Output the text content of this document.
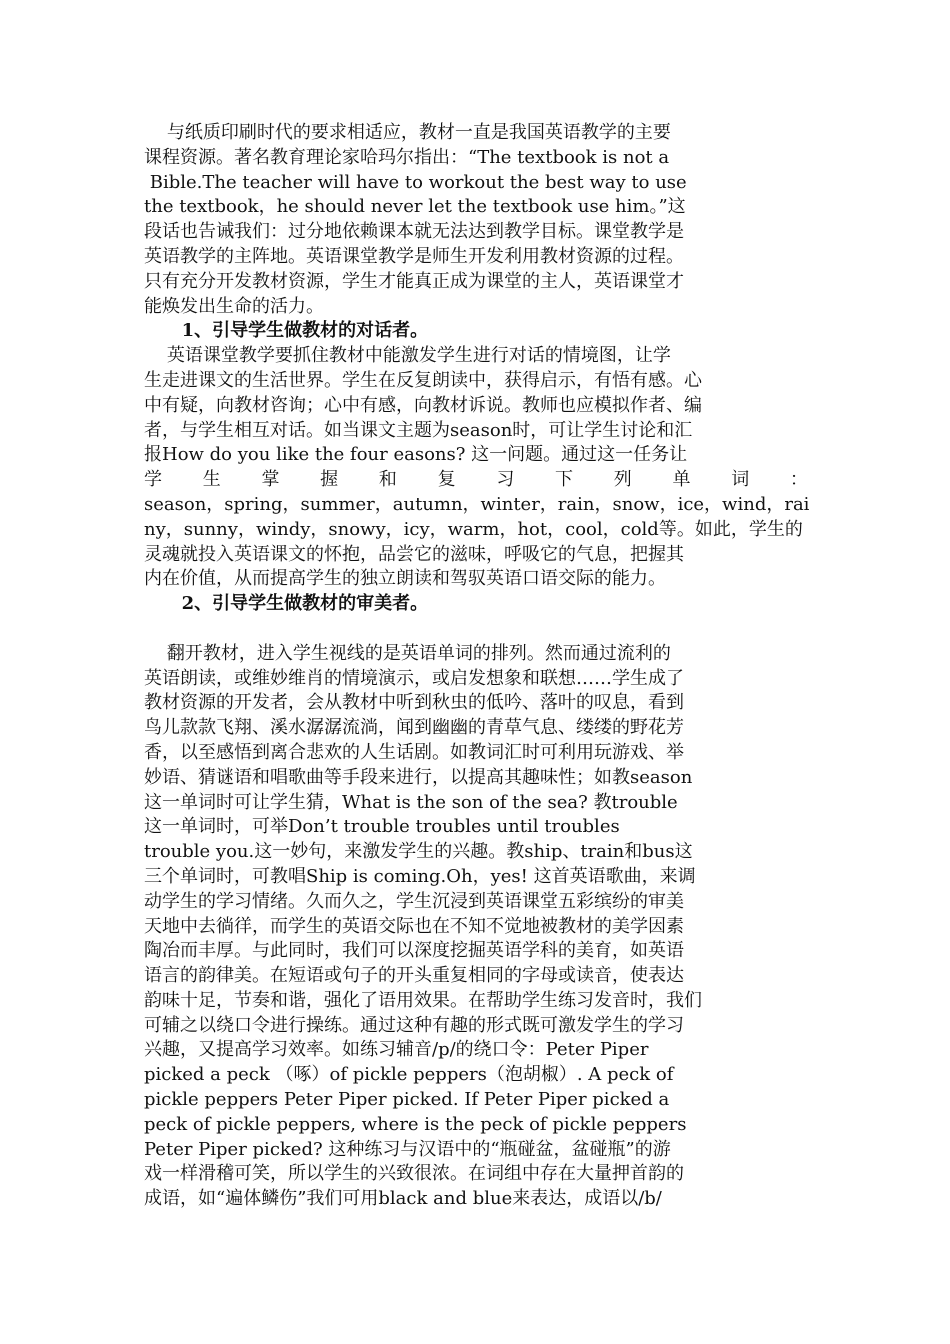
与纸质印刷时代的要求相适应，教材一直是我国英语教学的主要
课程资源。著名教育理论家哈玛尔指出：“The textbook is not a
Bible.The teacher will have to workout the best way to use
the textbook，he should never let the textbook use him。”这
段话也告诫我们：过分地依赖课本就无法达到教学目标。课堂教学是
英语教学的主阵地。英语课堂教学是师生开发利用教材资源的过程。
只有充分开发教材资源，学生才能真正成为课堂的主人，英语课堂才
能焕发出生命的活力。
1、引导学生做教材的对话者。
英语课堂教学要抓住教材中能激发学生进行对话的情境图，让学
生走进课文的生活世界。学生在反复朗读中，获得启示，有悟有感。心
中有疑，向教材咨询；心中有感，向教材诉说。教师也应模拟作者、编
者，与学生相互对话。如当课文主题为season时，可让学生讨论和汇
报How do you like the four easons? 这一问题。通过这一任务让
学 生 掌 握 和 复 习 下 列 单 词 ：
season，spring，summer，autumn，winter，rain，snow，ice，wind，rai
ny，sunny，windy，snowy，icy，warm，hot，cool，cold等。如此，学生的
灵魂就投入英语课文的怀抱，品尝它的滋味，呼吸它的气息，把握其
内在价值，从而提高学生的独立朗读和驾驭英语口语交际的能力。
2、引导学生做教材的审美者。
翻开教材，进入学生视线的是英语单词的排列。然而通过流利的
英语朗读，或维妙维肖的情境演示，或启发想象和联想……学生成了
教材资源的开发者，会从教材中听到秋虫的低吟、落叶的叹息，看到
鸟儿款款飞翔、溪水潺潺流淌，闻到幽幽的青草气息、缕缕的野花芳
香，以至感悟到离合悲欢的人生话剧。如教词汇时可利用玩游戏、举
妙语、猜谜语和唱歌曲等手段来进行，以提高其趣味性；如教season
这一单词时可让学生猜，What is the son of the sea? 教trouble
这一单词时，可举Don’t trouble troubles until troubles
trouble you.这一妙句，来激发学生的兴趣。教ship、train和bus这
三个单词时，可教唱Ship is coming.Oh，yes! 这首英语歌曲，来调
动学生的学习情绪。久而久之，学生沉浸到英语课堂五彩缤纷的审美
天地中去徜徉，而学生的英语交际也在不知不觉地被教材的美学因素
陶冶而丰厚。与此同时，我们可以深度挖掘英语学科的美育，如英语
语言的韵律美。在短语或句子的开头重复相同的字母或读音，使表达
韵味十足，节奏和谐，强化了语用效果。在帮助学生练习发音时，我们
可辅之以绕口令进行操练。通过这种有趣的形式既可激发学生的学习
兴趣，又提高学习效率。如练习辅音/p/的绕口令：Peter Piper
picked a peck （啄）of pickle peppers（泡胡椒）. A peck of
pickle peppers Peter Piper picked. If Peter Piper picked a
peck of pickle peppers, where is the peck of pickle peppers
Peter Piper picked? 这种练习与汉语中的“瓶碰盆，盆碰瓶”的游
戏一样滑稽可笑，所以学生的兴致很浓。在词组中存在大量押首韵的
成语，如“遍体鳞伤”我们可用black and blue来表达，成语以/b/
